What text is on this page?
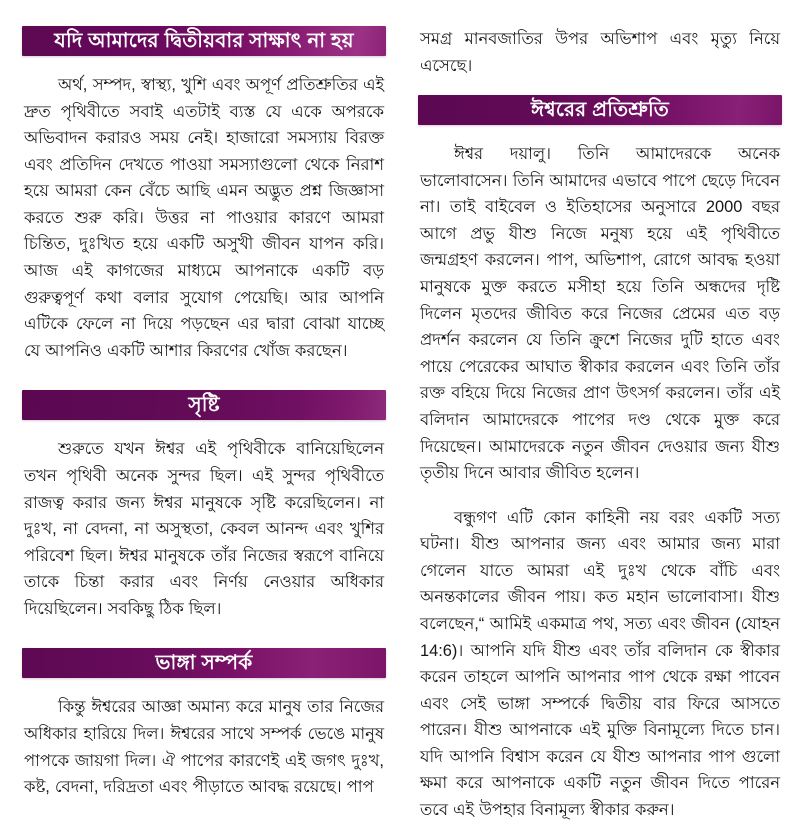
যদি আমাদের দ্বিতীয়বার সাক্ষাৎ না হয়

অর্থ, সম্পদ, স্বাস্থ্য, খুশি এবং অপূর্ণ প্রতিশ্রুতির এই দ্রুত পৃথিবীতে সবাই এতটাই ব্যস্ত যে একে অপরকে অভিবাদন করারও সময় নেই। হাজারো সমস্যায় বিরক্ত এবং প্রতিদিন দেখতে পাওয়া সমস্যাগুলো থেকে নিরাশ হয়ে আমরা কেন বেঁচে আছি এমন অদ্ভুত প্রশ্ন জিজ্ঞাসা করতে শুরু করি। উত্তর না পাওয়ার কারণে আমরা চিন্তিত, দুঃখিত হয়ে একটি অসুখী জীবন যাপন করি। আজ এই কাগজের মাধ্যমে আপনাকে একটি বড় গুরুত্বপূর্ণ কথা বলার সুযোগ পেয়েছি। আর আপনি এটিকে ফেলে না দিয়ে পড়ছেন এর দ্বারা বোঝা যাচ্ছে যে আপনিও একটি আশার কিরণের খোঁজ করছেন।

সৃষ্টি

শুরুতে যখন ঈশ্বর এই পৃথিবীকে বানিয়েছিলেন তখন পৃথিবী অনেক সুন্দর ছিল। এই সুন্দর পৃথিবীতে রাজত্ব করার জন্য ঈশ্বর মানুষকে সৃষ্টি করেছিলেন। না দুঃখ, না বেদনা, না অসুস্থতা, কেবল আনন্দ এবং খুশির পরিবেশ ছিল। ঈশ্বর মানুষকে তাঁর নিজের স্বরূপে বানিয়ে তাকে চিন্তা করার এবং নির্ণয় নেওয়ার অধিকার দিয়েছিলেন। সবকিছু ঠিক ছিল।

ভাঙ্গা সম্পর্ক

কিন্তু ঈশ্বরের আজ্ঞা অমান্য করে মানুষ তার নিজের অধিকার হারিয়ে দিল। ঈশ্বরের সাথে সম্পর্ক ভেঙে মানুষ পাপকে জায়গা দিল। ঐ পাপের কারণেই এই জগৎ দুঃখ, কষ্ট, বেদনা, দরিদ্রতা এবং পীড়াতে আবদ্ধ রয়েছে। পাপ

সমগ্র মানবজাতির উপর অভিশাপ এবং মৃত্যু নিয়ে এসেছে।

ঈশ্বরের প্রতিশ্রুতি

ঈশ্বর দয়ালু। তিনি আমাদেরকে অনেক ভালোবাসেন। তিনি আমাদের এভাবে পাপে ছেড়ে দিবেন না। তাই বাইবেল ও ইতিহাসের অনুসারে 2000 বছর আগে প্রভু যীশু নিজে মনুষ্য হয়ে এই পৃথিবীতে জন্মগ্রহণ করলেন। পাপ, অভিশাপ, রোগে আবদ্ধ হওয়া মানুষকে মুক্ত করতে মসীহা হয়ে তিনি অন্ধদের দৃষ্টি দিলেন মৃতদের জীবিত করে নিজের প্রেমের এত বড় প্রদর্শন করলেন যে তিনি ক্রুশে নিজের দুটি হাতে এবং পায়ে পেরেকের আঘাত স্বীকার করলেন এবং তিনি তাঁর রক্ত বহিয়ে দিয়ে নিজের প্রাণ উৎসর্গ করলেন। তাঁর এই বলিদান আমাদেরকে পাপের দণ্ড থেকে মুক্ত করে দিয়েছেন। আমাদেরকে নতুন জীবন দেওয়ার জন্য যীশু তৃতীয় দিনে আবার জীবিত হলেন।

বন্ধুগণ এটি কোন কাহিনী নয় বরং একটি সত্য ঘটনা। যীশু আপনার জন্য এবং আমার জন্য মারা গেলেন যাতে আমরা এই দুঃখ থেকে বাঁচি এবং অনন্তকালের জীবন পায়। কত মহান ভালোবাসা। যীশু বলেছেন,“ আমিই একমাত্র পথ, সত্য এবং জীবন (যোহন 14:6)। আপনি যদি যীশু এবং তাঁর বলিদান কে স্বীকার করেন তাহলে আপনি আপনার পাপ থেকে রক্ষা পাবেন এবং সেই ভাঙ্গা সম্পর্কে দ্বিতীয় বার ফিরে আসতে পারেন। যীশু আপনাকে এই মুক্তি বিনামূল্যে দিতে চান। যদি আপনি বিশ্বাস করেন যে যীশু আপনার পাপ গুলো ক্ষমা করে আপনাকে একটি নতুন জীবন দিতে পারেন তবে এই উপহার বিনামূল্য স্বীকার করুন।
